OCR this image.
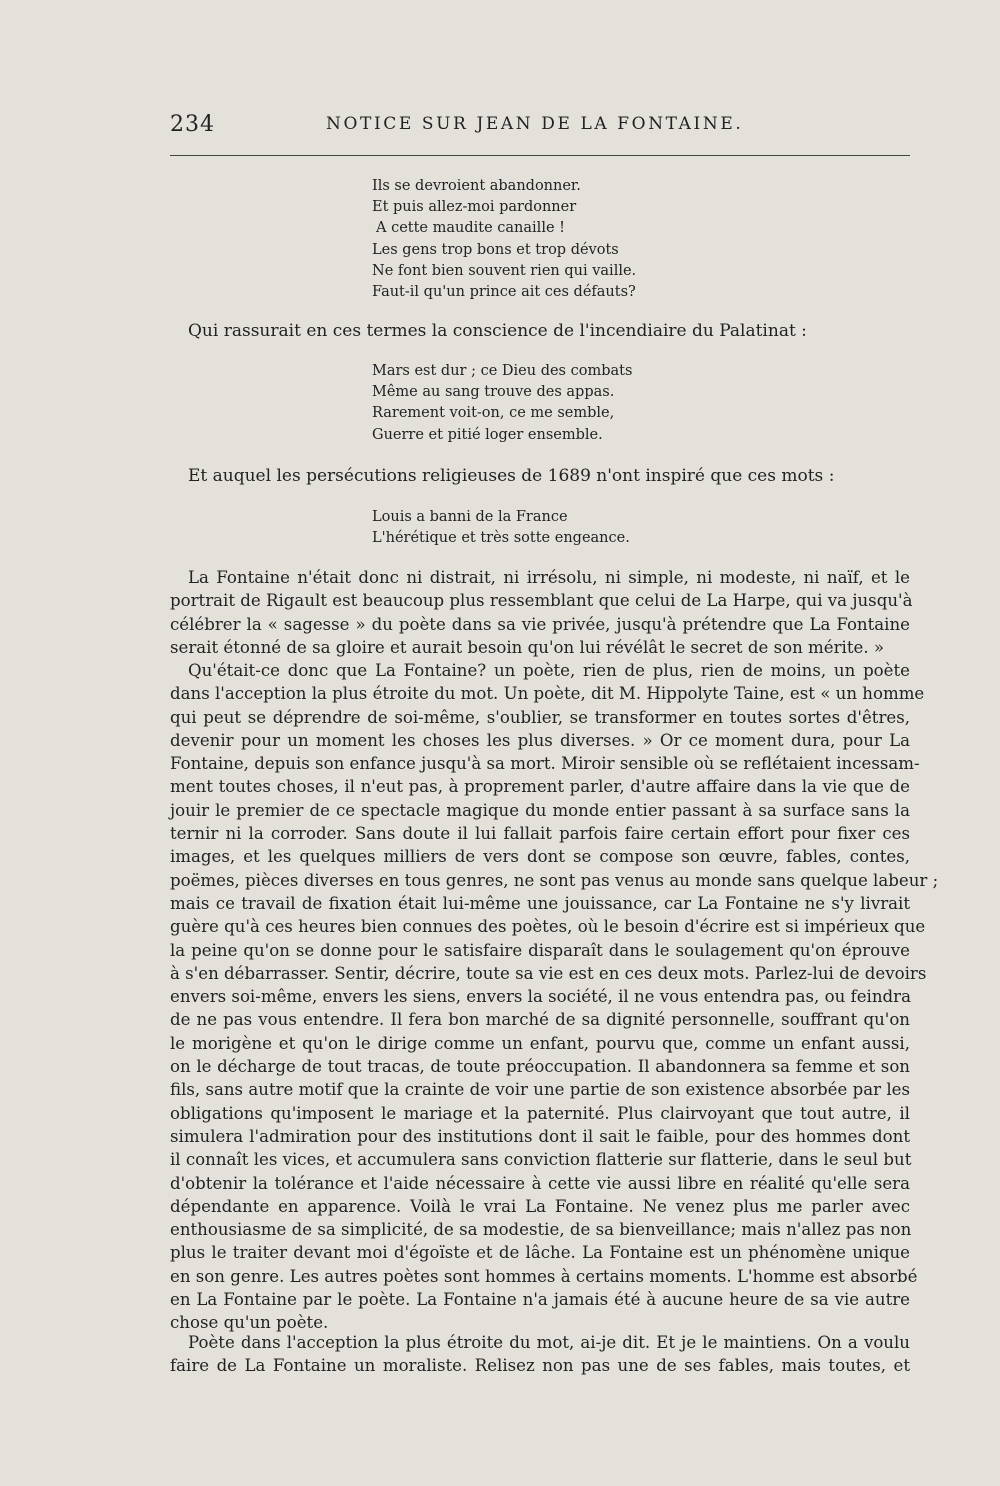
234	NOTICE SUR JEAN DE LA FONTAINE.
Ils se devroient abandonner.
Et puis allez-moi pardonner
A cette maudite canaille !
Les gens trop bons et trop dévots
Ne font bien souvent rien qui vaille.
Faut-il qu'un prince ait ces défauts?
Qui rassurait en ces termes la conscience de l'incendiaire du Palatinat :
Mars est dur ; ce Dieu des combats
Même au sang trouve des appas.
Rarement voit-on, ce me semble,
Guerre et pitié loger ensemble.
Et auquel les persécutions religieuses de 1689 n'ont inspiré que ces mots :
Louis a banni de la France
L'hérétique et très sotte engeance.
La Fontaine n'était donc ni distrait, ni irrésolu, ni simple, ni modeste, ni naïf, et le
portrait de Rigault est beaucoup plus ressemblant que celui de La Harpe, qui va jusqu'à
célébrer la « sagesse » du poète dans sa vie privée, jusqu'à prétendre que La Fontaine
serait étonné de sa gloire et aurait besoin qu'on lui révélât le secret de son mérite. »
Qu'était-ce donc que La Fontaine? un poète, rien de plus, rien de moins, un poète
dans l'acception la plus étroite du mot. Un poète, dit M. Hippolyte Taine, est « un homme
qui peut se déprendre de soi-même, s'oublier, se transformer en toutes sortes d'êtres,
devenir pour un moment les choses les plus diverses. » Or ce moment dura, pour La
Fontaine, depuis son enfance jusqu'à sa mort. Miroir sensible où se reflétaient incessam-
ment toutes choses, il n'eut pas, à proprement parler, d'autre affaire dans la vie que de
jouir le premier de ce spectacle magique du monde entier passant à sa surface sans la
ternir ni la corroder. Sans doute il lui fallait parfois faire certain effort pour fixer ces
images, et les quelques milliers de vers dont se compose son œuvre, fables, contes,
poëmes, pièces diverses en tous genres, ne sont pas venus au monde sans quelque labeur ;
mais ce travail de fixation était lui-même une jouissance, car La Fontaine ne s'y livrait
guère qu'à ces heures bien connues des poètes, où le besoin d'écrire est si impérieux que
la peine qu'on se donne pour le satisfaire disparaît dans le soulagement qu'on éprouve
à s'en débarrasser. Sentir, décrire, toute sa vie est en ces deux mots. Parlez-lui de devoirs
envers soi-même, envers les siens, envers la société, il ne vous entendra pas, ou feindra
de ne pas vous entendre. Il fera bon marché de sa dignité personnelle, souffrant qu'on
le morigène et qu'on le dirige comme un enfant, pourvu que, comme un enfant aussi,
on le décharge de tout tracas, de toute préoccupation. Il abandonnera sa femme et son
fils, sans autre motif que la crainte de voir une partie de son existence absorbée par les
obligations qu'imposent le mariage et la paternité. Plus clairvoyant que tout autre, il
simulera l'admiration pour des institutions dont il sait le faible, pour des hommes dont
il connaît les vices, et accumulera sans conviction flatterie sur flatterie, dans le seul but
d'obtenir la tolérance et l'aide nécessaire à cette vie aussi libre en réalité qu'elle sera
dépendante en apparence. Voilà le vrai La Fontaine. Ne venez plus me parler avec
enthousiasme de sa simplicité, de sa modestie, de sa bienveillance; mais n'allez pas non
plus le traiter devant moi d'égoïste et de lâche. La Fontaine est un phénomène unique
en son genre. Les autres poètes sont hommes à certains moments. L'homme est absorbé
en La Fontaine par le poète. La Fontaine n'a jamais été à aucune heure de sa vie autre
chose qu'un poète.
Poète dans l'acception la plus étroite du mot, ai-je dit. Et je le maintiens. On a voulu
faire de La Fontaine un moraliste. Relisez non pas une de ses fables, mais toutes, et
